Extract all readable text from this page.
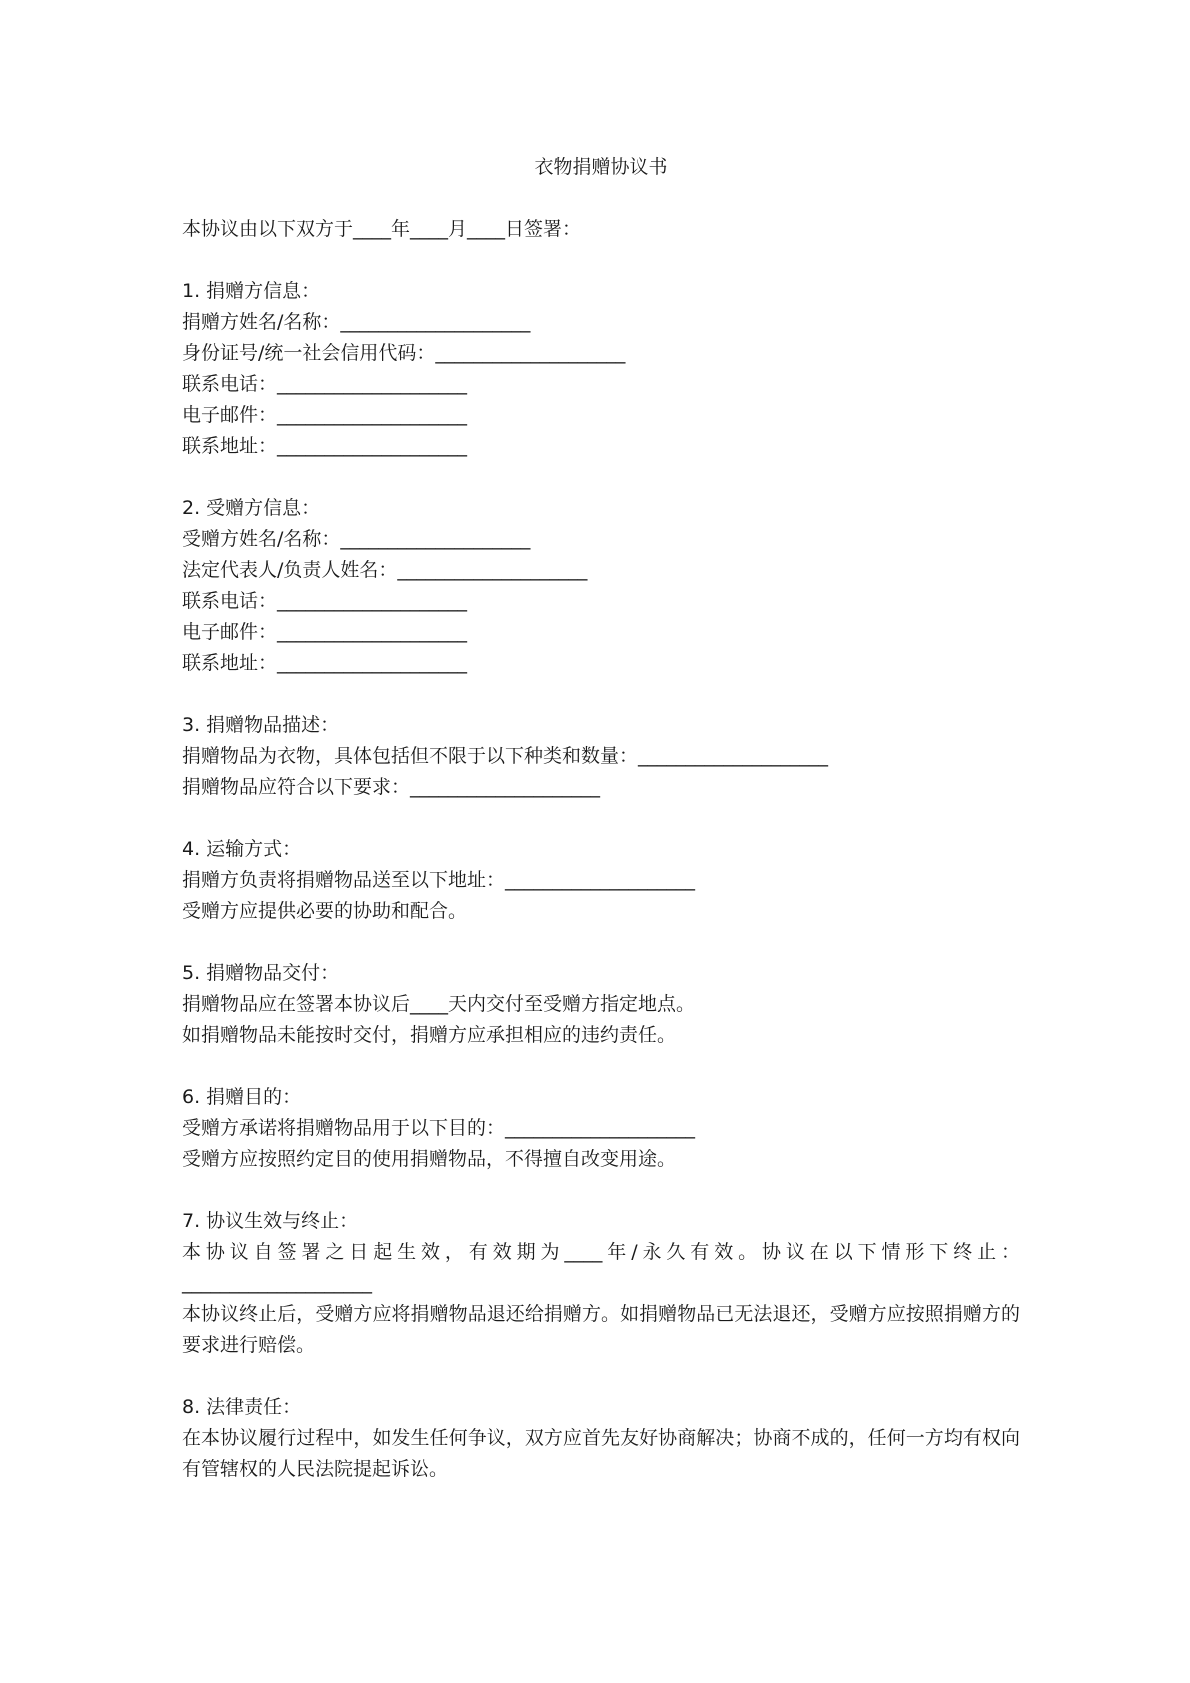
衣物捐赠协议书
本协议由以下双方于____年____月____日签署：
1. 捐赠方信息：
捐赠方姓名/名称：____________________
身份证号/统一社会信用代码：____________________
联系电话：____________________
电子邮件：____________________
联系地址：____________________
2. 受赠方信息：
受赠方姓名/名称：____________________
法定代表人/负责人姓名：____________________
联系电话：____________________
电子邮件：____________________
联系地址：____________________
3. 捐赠物品描述：
捐赠物品为衣物，具体包括但不限于以下种类和数量：____________________
捐赠物品应符合以下要求：____________________
4. 运输方式：
捐赠方负责将捐赠物品送至以下地址：____________________
受赠方应提供必要的协助和配合。
5. 捐赠物品交付：
捐赠物品应在签署本协议后____天内交付至受赠方指定地点。
如捐赠物品未能按时交付，捐赠方应承担相应的违约责任。
6. 捐赠目的：
受赠方承诺将捐赠物品用于以下目的：____________________
受赠方应按照约定目的使用捐赠物品，不得擅自改变用途。
7. 协议生效与终止：
本协议自签署之日起生效，有效期为____年/永久有效。协议在以下情形下终止：____________________
本协议终止后，受赠方应将捐赠物品退还给捐赠方。如捐赠物品已无法退还，受赠方应按照捐赠方的要求进行赔偿。
8. 法律责任：
在本协议履行过程中，如发生任何争议，双方应首先友好协商解决；协商不成的，任何一方均有权向有管辖权的人民法院提起诉讼。
